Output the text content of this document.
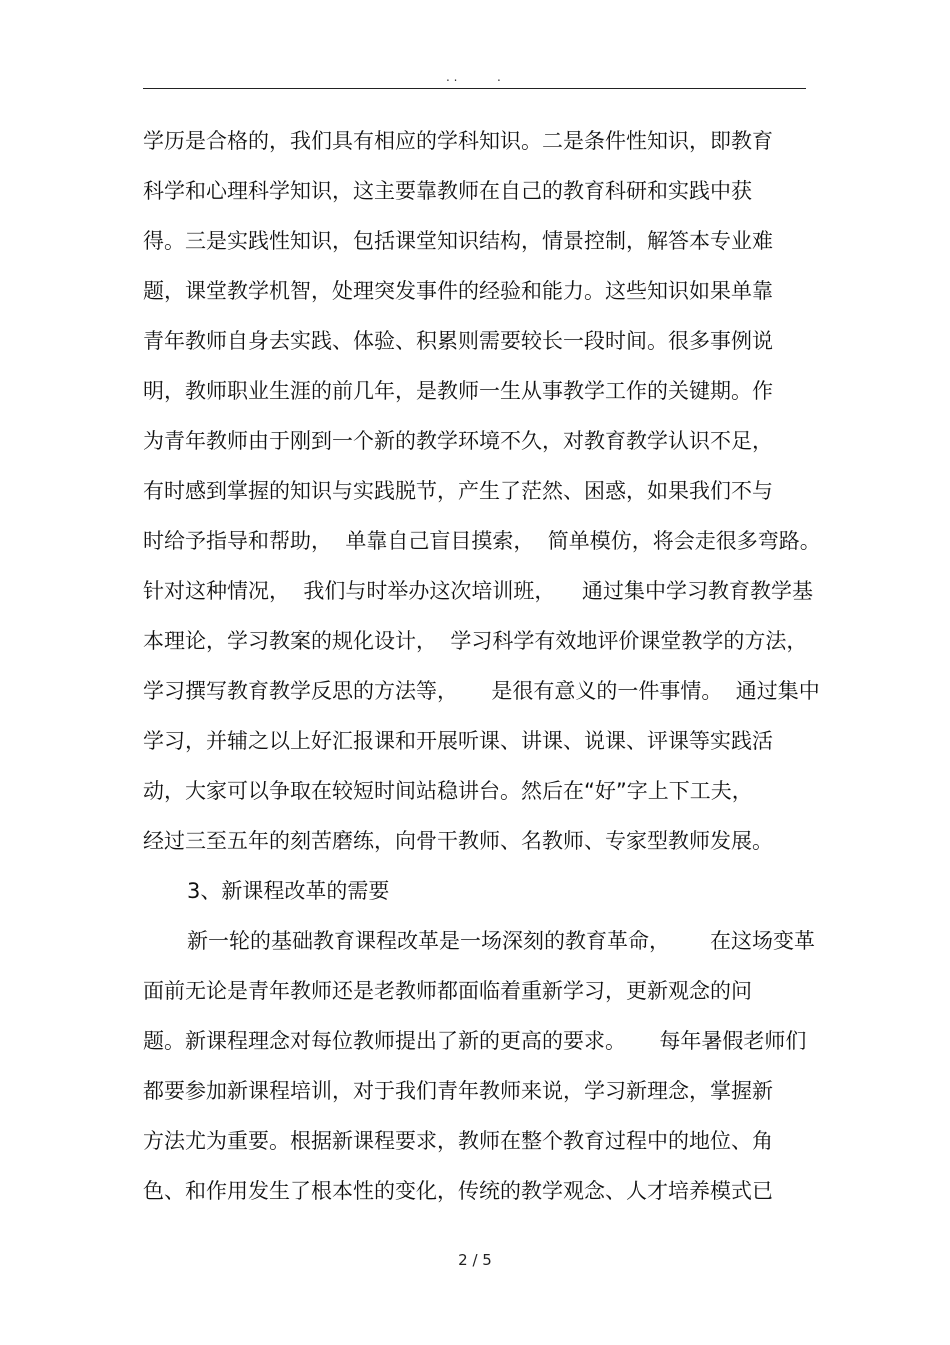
. .	.
学历是合格的，我们具有相应的学科知识。二是条件性知识，即教育
科学和心理科学知识，这主要靠教师在自己的教育科研和实践中获
得。三是实践性知识，包括课堂知识结构，情景控制，解答本专业难
题，课堂教学机智，处理突发事件的经验和能力。这些知识如果单靠
青年教师自身去实践、体验、积累则需要较长一段时间。很多事例说
明，教师职业生涯的前几年，是教师一生从事教学工作的关键期。作
为青年教师由于刚到一个新的教学环境不久，对教育教学认识不足，
有时感到掌握的知识与实践脱节，产生了茫然、困惑，如果我们不与
时给予指导和帮助，  单靠自己盲目摸索，  简单模仿，将会走很多弯路。
针对这种情况，  我们与时举办这次培训班，    通过集中学习教育教学基
本理论，学习教案的规化设计，  学习科学有效地评价课堂教学的方法，
学习撰写教育教学反思的方法等，     是很有意义的一件事情。  通过集中
学习，并辅之以上好汇报课和开展听课、讲课、说课、评课等实践活
动，大家可以争取在较短时间站稳讲台。然后在“好”字上下工夫，
经过三至五年的刻苦磨练，向骨干教师、名教师、专家型教师发展。
3、新课程改革的需要
新一轮的基础教育课程改革是一场深刻的教育革命，      在这场变革
面前无论是青年教师还是老教师都面临着重新学习，更新观念的问
题。新课程理念对每位教师提出了新的更高的要求。     每年暑假老师们
都要参加新课程培训，对于我们青年教师来说，学习新理念，掌握新
方法尤为重要。根据新课程要求，教师在整个教育过程中的地位、角
色、和作用发生了根本性的变化，传统的教学观念、人才培养模式已
2 / 5
